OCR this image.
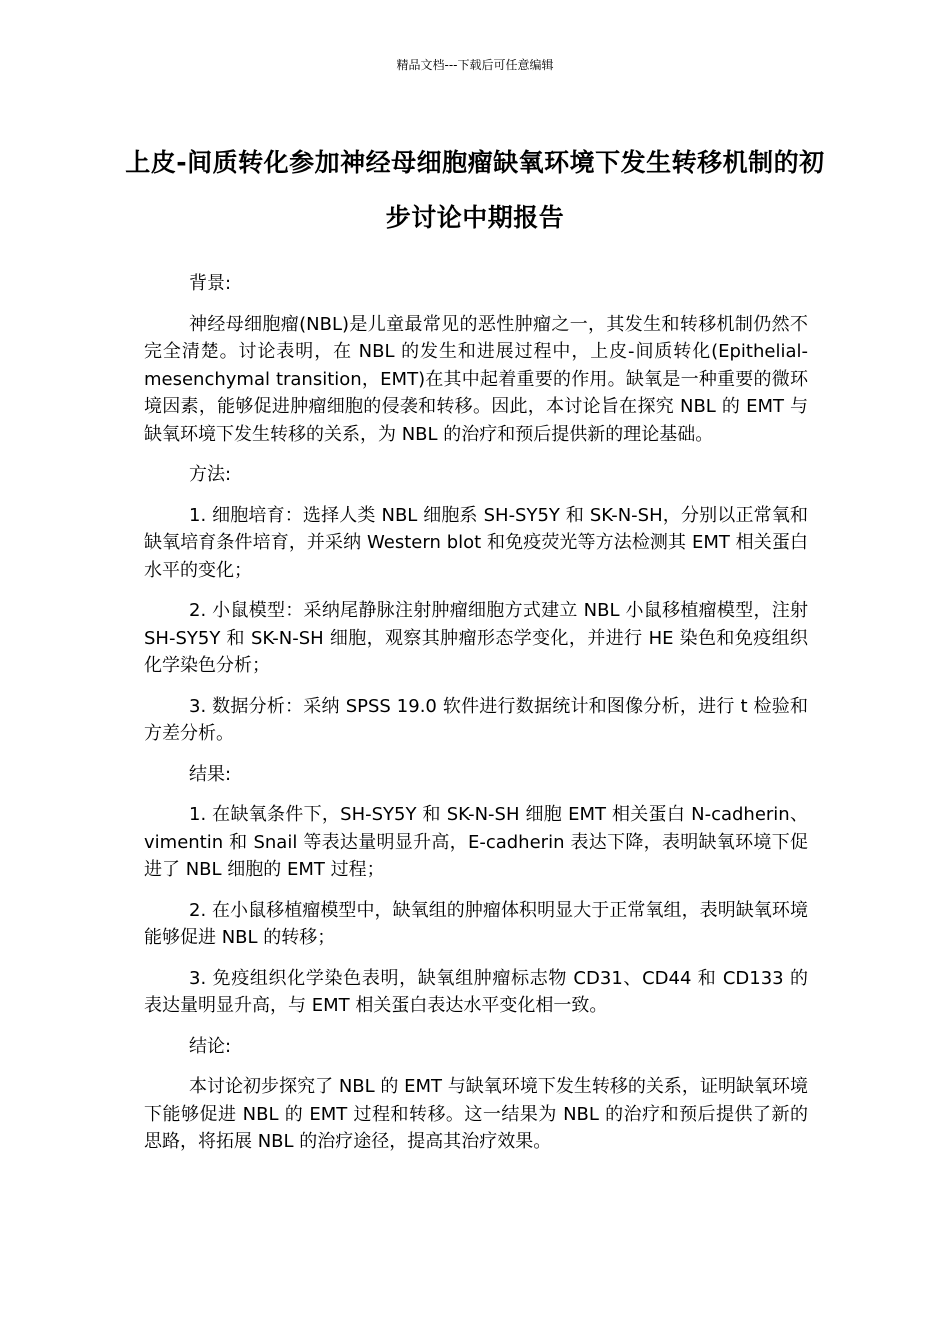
精品文档---下载后可任意编辑
上皮-间质转化参加神经母细胞瘤缺氧环境下发生转移机制的初步讨论中期报告

背景:

神经母细胞瘤(NBL)是儿童最常见的恶性肿瘤之一，其发生和转移机制仍然不完全清楚。讨论表明，在 NBL 的发生和进展过程中，上皮-间质转化(Epithelial-mesenchymal transition，EMT)在其中起着重要的作用。缺氧是一种重要的微环境因素，能够促进肿瘤细胞的侵袭和转移。因此，本讨论旨在探究 NBL 的 EMT 与缺氧环境下发生转移的关系，为 NBL 的治疗和预后提供新的理论基础。

方法:

1. 细胞培育：选择人类 NBL 细胞系 SH-SY5Y 和 SK-N-SH，分别以正常氧和缺氧培育条件培育，并采纳 Western blot 和免疫荧光等方法检测其 EMT 相关蛋白水平的变化；

2. 小鼠模型：采纳尾静脉注射肿瘤细胞方式建立 NBL 小鼠移植瘤模型，注射 SH-SY5Y 和 SK-N-SH 细胞，观察其肿瘤形态学变化，并进行 HE 染色和免疫组织化学染色分析；

3. 数据分析：采纳 SPSS 19.0 软件进行数据统计和图像分析，进行 t 检验和方差分析。

结果:

1. 在缺氧条件下，SH-SY5Y 和 SK-N-SH 细胞 EMT 相关蛋白 N-cadherin、vimentin 和 Snail 等表达量明显升高，E-cadherin 表达下降，表明缺氧环境下促进了 NBL 细胞的 EMT 过程；

2. 在小鼠移植瘤模型中，缺氧组的肿瘤体积明显大于正常氧组，表明缺氧环境能够促进 NBL 的转移；

3. 免疫组织化学染色表明，缺氧组肿瘤标志物 CD31、CD44 和 CD133 的表达量明显升高，与 EMT 相关蛋白表达水平变化相一致。

结论:

本讨论初步探究了 NBL 的 EMT 与缺氧环境下发生转移的关系，证明缺氧环境下能够促进 NBL 的 EMT 过程和转移。这一结果为 NBL 的治疗和预后提供了新的思路，将拓展 NBL 的治疗途径，提高其治疗效果。
